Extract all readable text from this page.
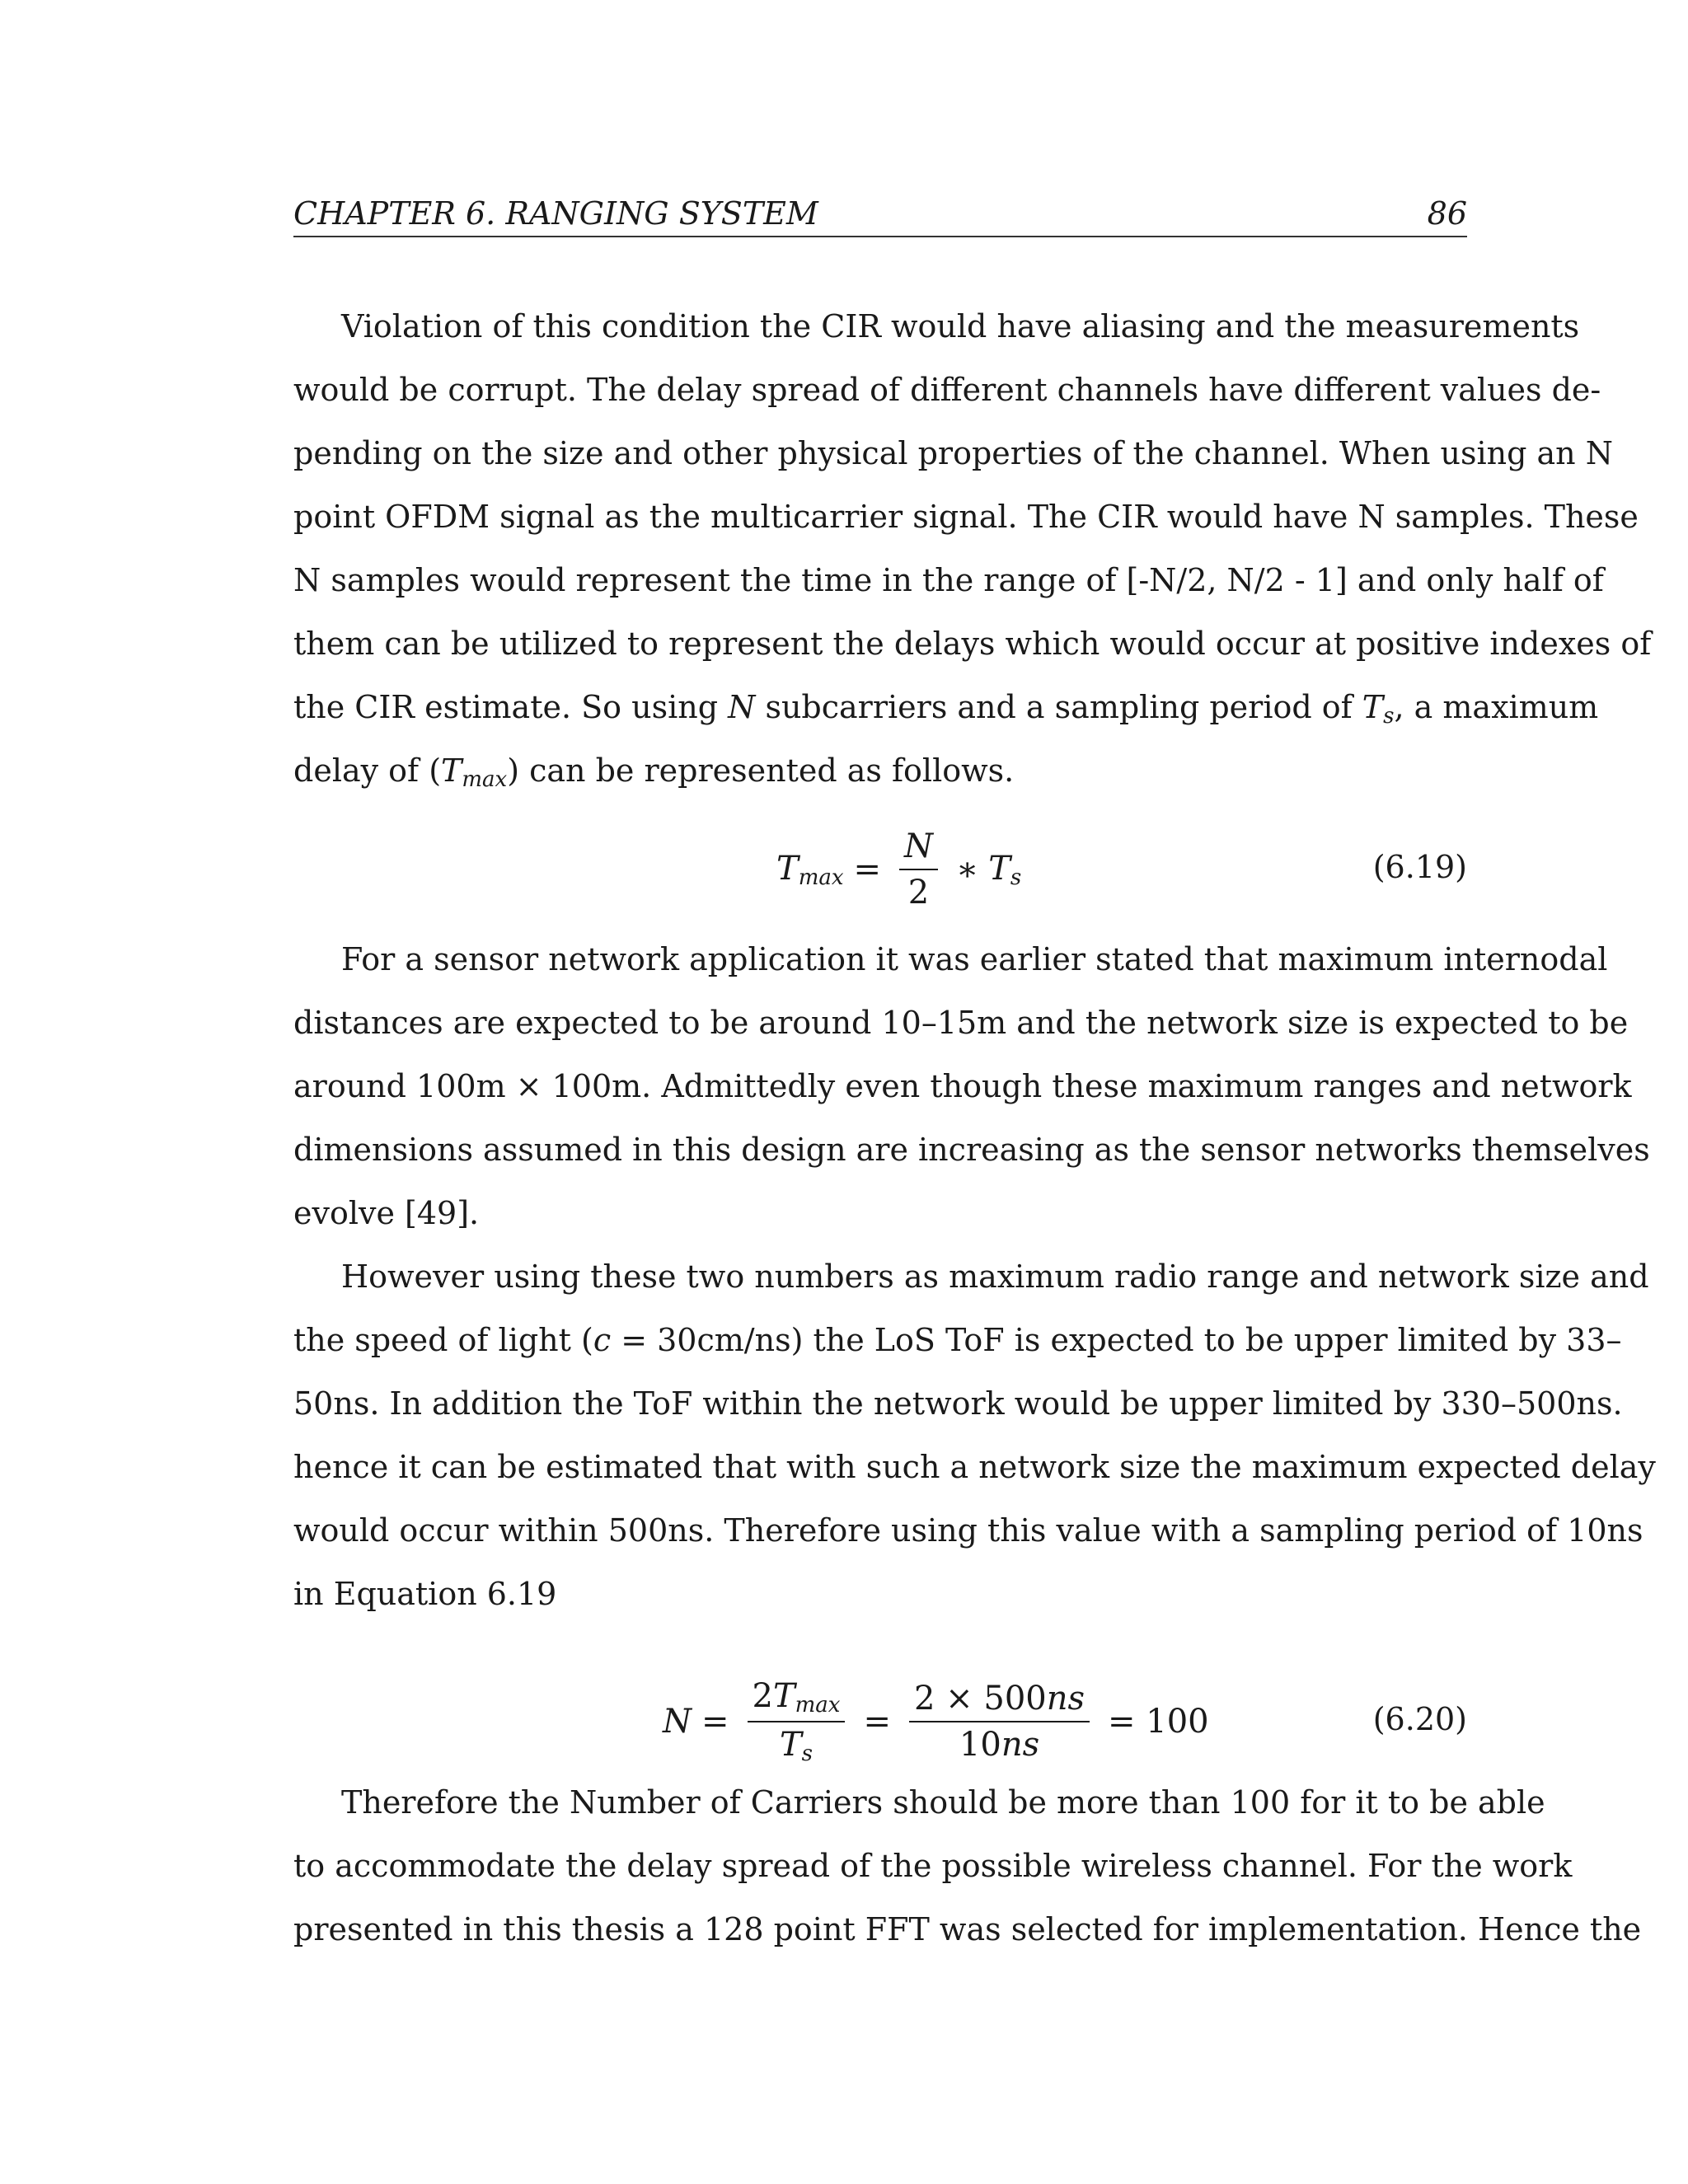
CHAPTER 6. RANGING SYSTEM	86
Violation of this condition the CIR would have aliasing and the measurements
would be corrupt. The delay spread of different channels have different values de-
pending on the size and other physical properties of the channel. When using an N
point OFDM signal as the multicarrier signal. The CIR would have N samples. These
N samples would represent the time in the range of [-N/2, N/2 - 1] and only half of
them can be utilized to represent the delays which would occur at positive indexes of
the CIR estimate. So using N subcarriers and a sampling period of $T_s$, a maximum
delay of $(T_{max})$ can be represented as follows.
$T_{max} = \frac{N}{2}$ ∗ $T_s$	(6.19)
For a sensor network application it was earlier stated that maximum internodal
distances are expected to be around 10–15m and the network size is expected to be
around 100m × 100m. Admittedly even though these maximum ranges and network
dimensions assumed in this design are increasing as the sensor networks themselves
evolve [49].
However using these two numbers as maximum radio range and network size and
the speed of light (c = 30cm/ns) the LoS ToF is expected to be upper limited by 33–
50ns. In addition the ToF within the network would be upper limited by 330–500ns.
hence it can be estimated that with such a network size the maximum expected delay
would occur within 500ns. Therefore using this value with a sampling period of 10ns
in Equation 6.19
$N = \frac{2T_{max}}{T_s} = \frac{2 \times 500ns}{10ns} = 100$	(6.20)
Therefore the Number of Carriers should be more than 100 for it to be able
to accommodate the delay spread of the possible wireless channel. For the work
presented in this thesis a 128 point FFT was selected for implementation. Hence the
